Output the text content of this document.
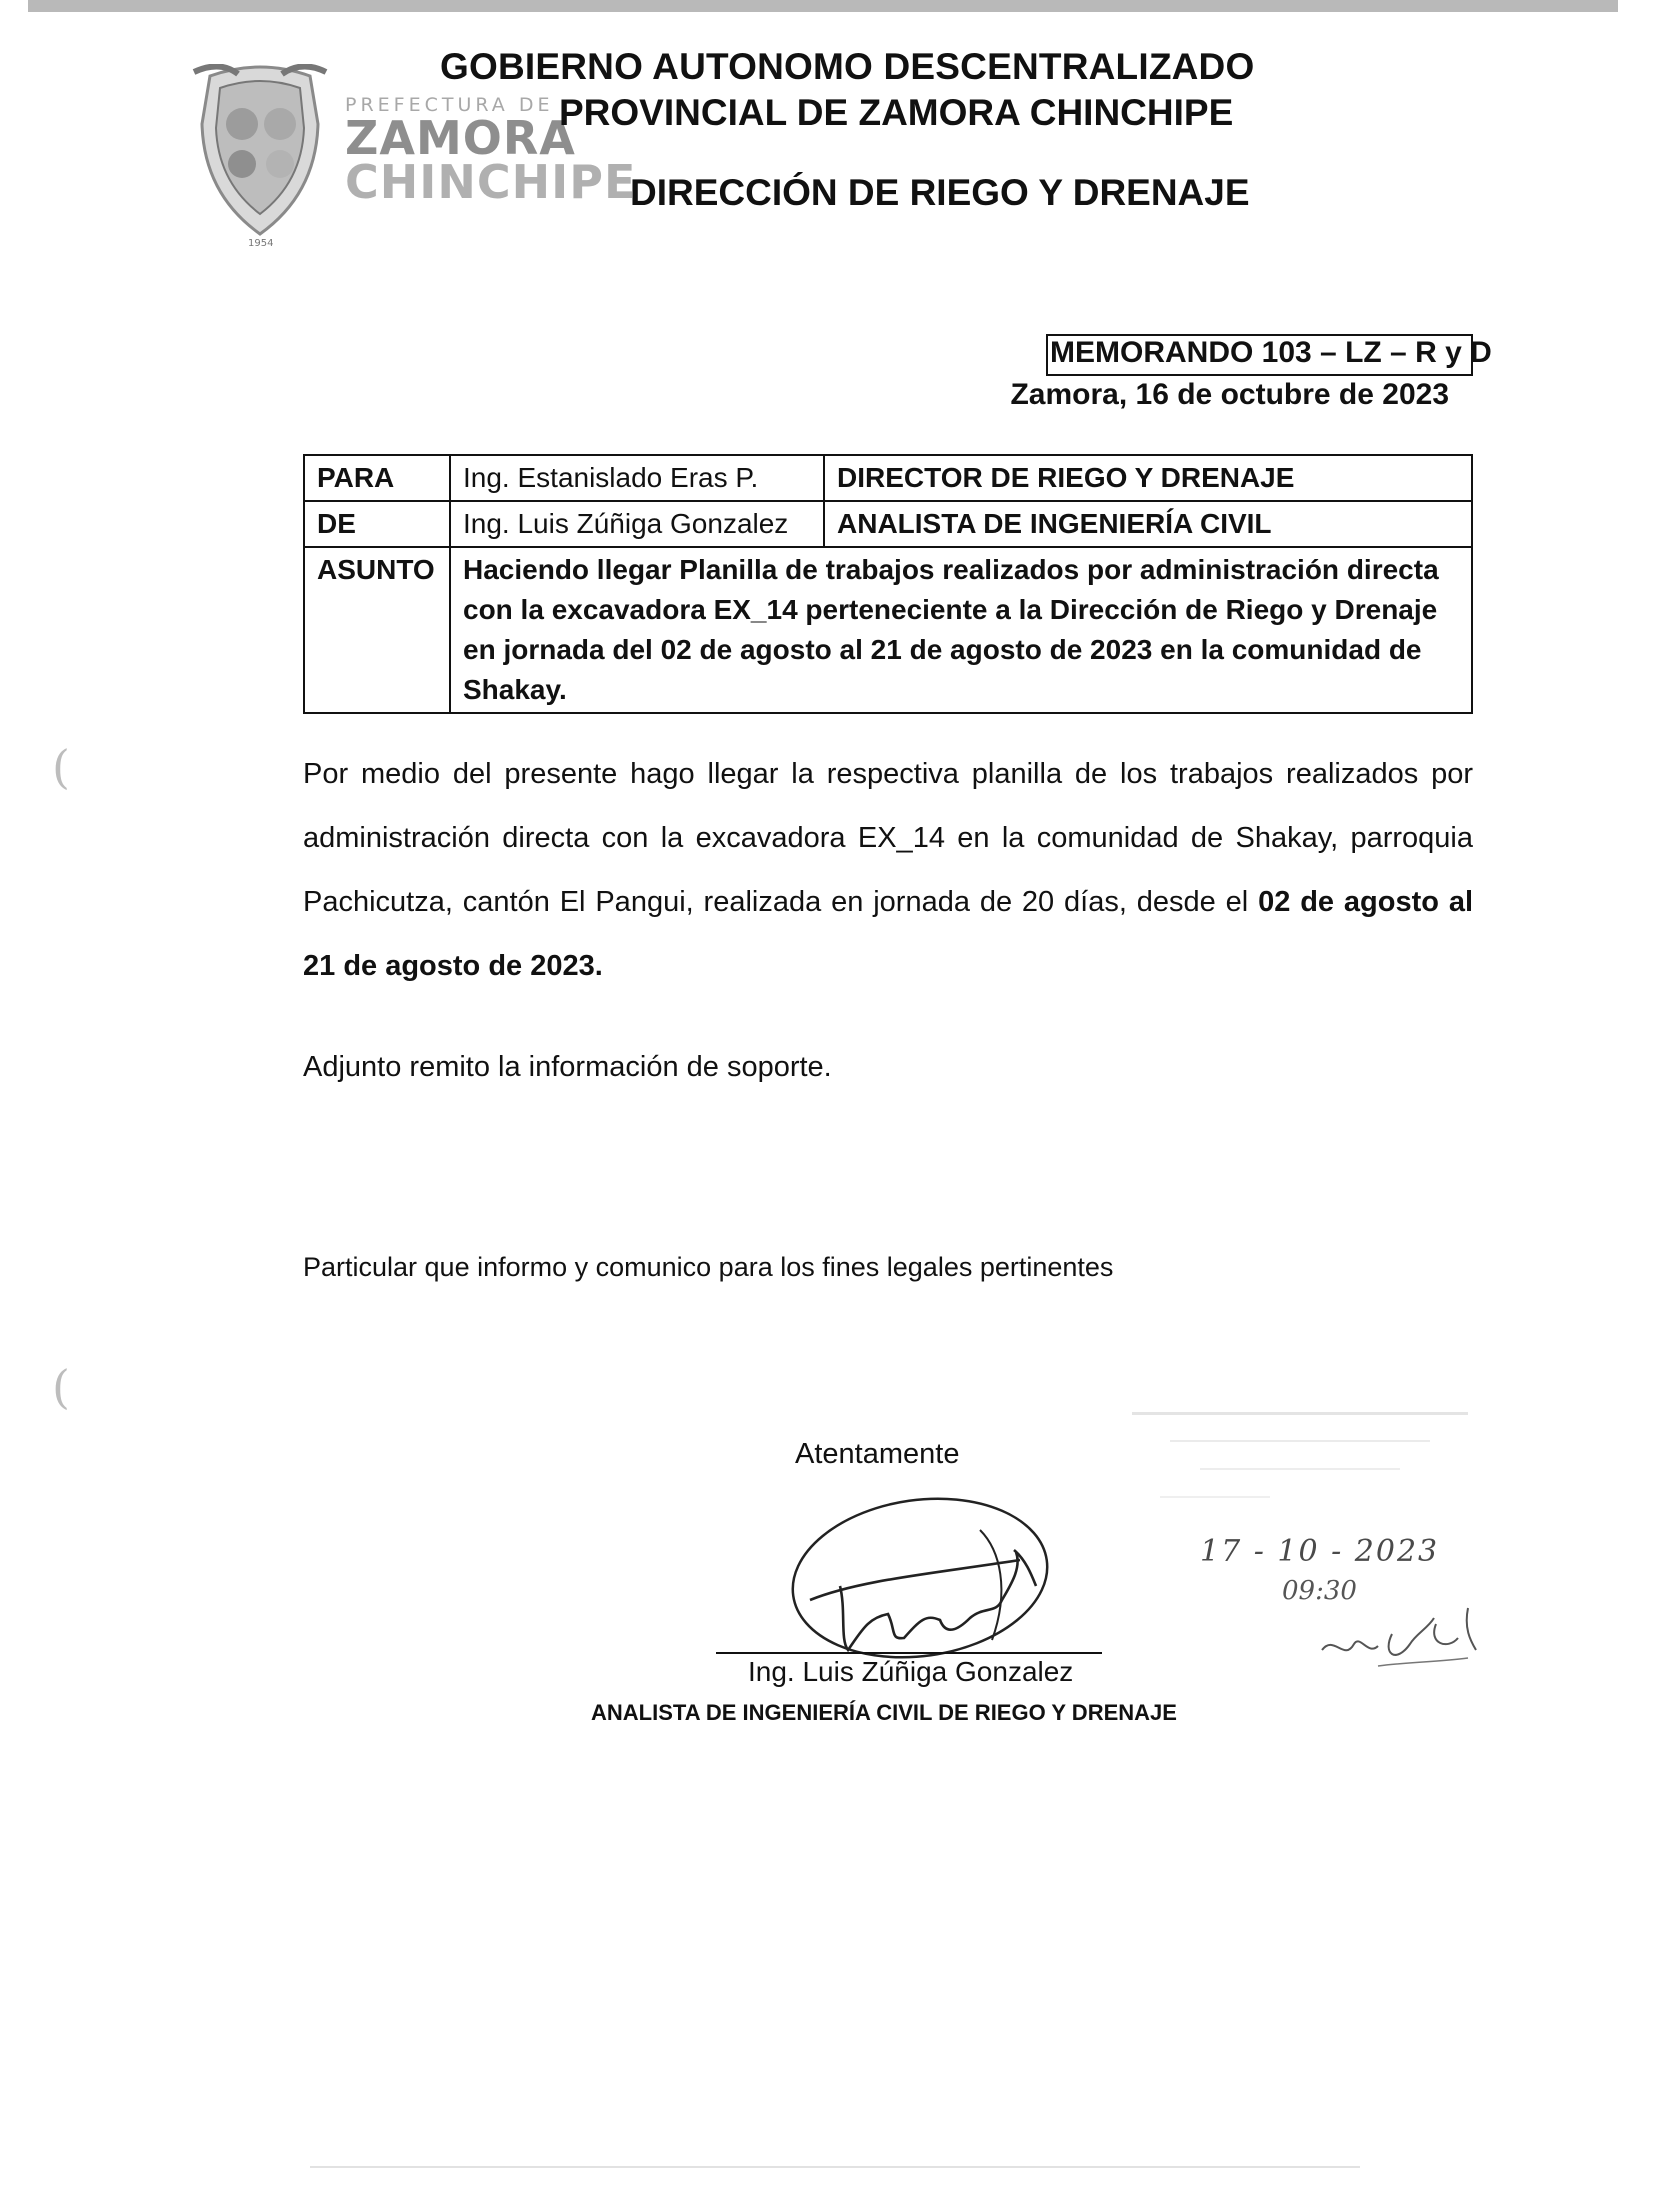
(
(
1954
PREFECTURA DE
ZAMORA
CHINCHIPE
GOBIERNO AUTONOMO DESCENTRALIZADO
PROVINCIAL DE ZAMORA CHINCHIPE
DIRECCIÓN DE RIEGO Y DRENAJE
MEMORANDO 103 – LZ – R y D
Zamora, 16 de octubre de 2023
PARA	Ing. Estanislado Eras P.	DIRECTOR DE RIEGO Y DRENAJE
DE	Ing. Luis Zúñiga Gonzalez	ANALISTA DE INGENIERÍA CIVIL
ASUNTO	Haciendo llegar Planilla de trabajos realizados por administración directa con la excavadora EX_14 perteneciente a la Dirección de Riego y Drenaje en jornada del 02 de agosto al 21 de agosto de 2023 en la comunidad de Shakay.	
Por medio del presente hago llegar la respectiva planilla de los trabajos realizados por administración directa con la excavadora EX_14 en la comunidad de Shakay, parroquia Pachicutza, cantón El Pangui, realizada en jornada de 20 días, desde el 02 de agosto al 21 de agosto de 2023.
Adjunto remito la información de soporte.
Particular que informo y comunico para los fines legales pertinentes
Atentamente
Ing. Luis Zúñiga Gonzalez
ANALISTA DE INGENIERÍA CIVIL DE RIEGO Y DRENAJE
17 - 10 - 2023
09:30
